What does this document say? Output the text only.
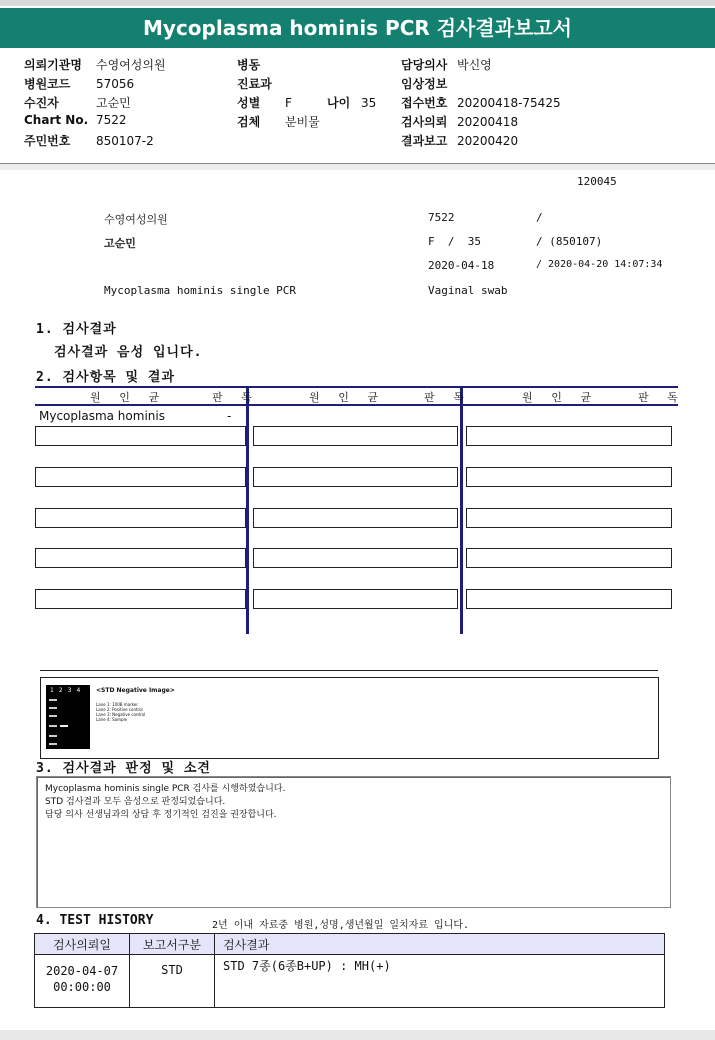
Mycoplasma hominis PCR 검사결과보고서
의뢰기관명 수영여성의원
병원코드 57056
수진자	고순민
Chart No. 7522
주민번호 850107-2
병동
진료과
성별 F	나이 35
검체 분비물
담당의사 박신영
임상정보
접수번호 20200418-75425
검사의뢰 20200418
결과보고 20200420
120045
수영여성의원	7522	/
고순민	F  /  35	/ (850107)
2020-04-18	/ 2020-04-20 14:07:34
Mycoplasma hominis single PCR	Vaginal swab
1. 검사결과
검사결과 음성 입니다.
2. 검사항목 및 결과
원 인 균	판 독	원 인 균	판 독	원 인 균	판 독
Mycoplasma hominis	-
1 2 3 4	<STD Negative Image>
Lane 1: 100B marker
Lane 2: Positive control
Lane 3: Negative control
Lane 4: Sample
3. 검사결과 판정 및 소견
Mycoplasma hominis single PCR 검사를 시행하였습니다.
STD 검사결과 모두 음성으로 판정되었습니다.
담당 의사 선생님과의 상담 후 정기적인 검진을 권장합니다.
4. TEST HISTORY	2년 이내 자료중 병원,성명,생년월일 일치자료 입니다.
검사의뢰일	보고서구분	검사결과

2020-04-07
00:00:00	STD	STD 7종(6종B+UP) : MH(+)
